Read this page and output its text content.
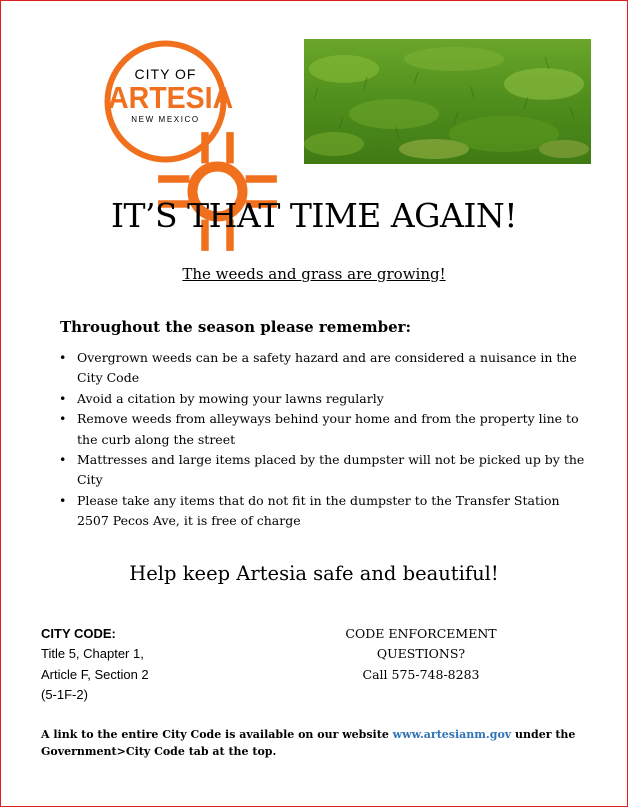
CITY OF
ARTESIA
NEW MEXICO
IT’S THAT TIME AGAIN!
The weeds and grass are growing!
Throughout the season please remember:
• Overgrown weeds can be a safety hazard and are considered a nuisance in the City Code
• Avoid a citation by mowing your lawns regularly
• Remove weeds from alleyways behind your home and from the property line to the curb along the street
• Mattresses and large items placed by the dumpster will not be picked up by the City
• Please take any items that do not fit in the dumpster to the Transfer Station 2507 Pecos Ave, it is free of charge
Help keep Artesia safe and beautiful!
CITY CODE:
Title 5, Chapter 1,
Article F, Section 2
(5-1F-2)
CODE ENFORCEMENT
QUESTIONS?
Call 575-748-8283
A link to the entire City Code is available on our website www.artesianm.gov under the Government>City Code tab at the top.
